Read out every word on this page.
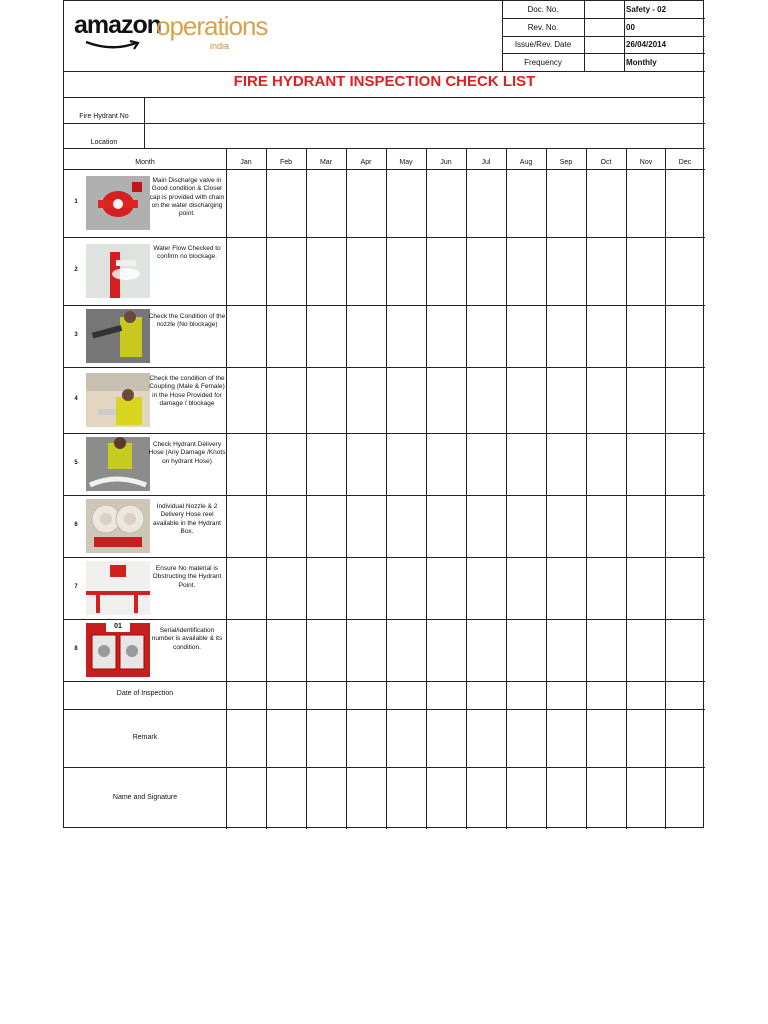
amazon
operations
india
Doc. No.	Safety - 02
Rev. No.	00
Issue/Rev. Date	26/04/2014
Frequency	Monthly
FIRE HYDRANT INSPECTION CHECK LIST
Fire Hydrant No
Location
Month	Jan	Feb	Mar	Apr	May	Jun	Jul	Aug	Sep	Oct	Nov	Dec
1
Main Discharge valve in Good condition & Closer cap is provided with chain on the water discharging point.
2
Water Flow Checked to confirm no blockage.
3
Check the Condition of the nozzle (No blockage)
4
Check the condition of the Coupling (Male & Female) in the Hose Provided for damage / blockage
5
Check Hydrant Delivery Hose (Any Damage /Knots on hydrant Hose)
6
Individual Nozzle & 2 Delivery Hose reel available in the Hydrant Box.
7
Ensure No material is Obstructing the Hydrant Point.
8
01
Serial/identification number is available & its condition.
Date of Inspection
Remark
Name and Signature
